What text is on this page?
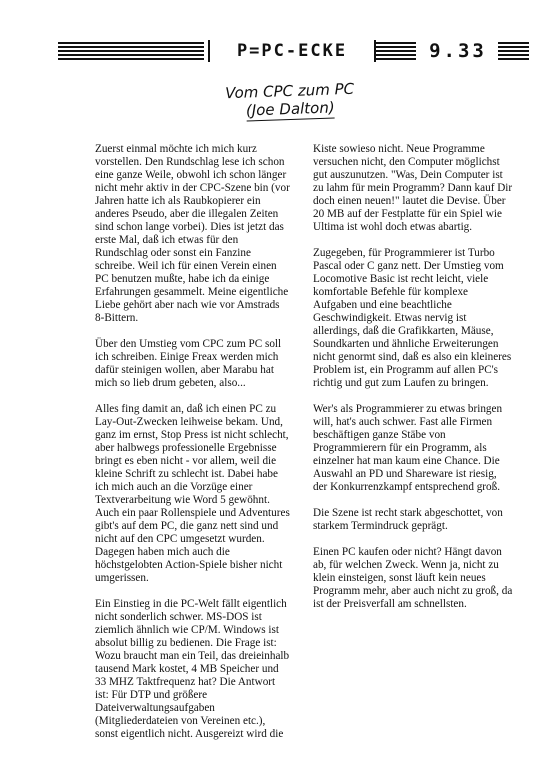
P=PC-ECKE	9.33
Vom CPC zum PC
(Joe Dalton)

Zuerst einmal möchte ich mich kurz vorstellen. Den Rundschlag lese ich schon eine ganze Weile, obwohl ich schon länger nicht mehr aktiv in der CPC-Szene bin (vor Jahren hatte ich als Raubkopierer ein anderes Pseudo, aber die illegalen Zeiten sind schon lange vorbei). Dies ist jetzt das erste Mal, daß ich etwas für den Rundschlag oder sonst ein Fanzine schreibe. Weil ich für einen Verein einen PC benutzen mußte, habe ich da einige Erfahrungen gesammelt. Meine eigentliche Liebe gehört aber nach wie vor Amstrads 8-Bittern.

Über den Umstieg vom CPC zum PC soll ich schreiben. Einige Freax werden mich dafür steinigen wollen, aber Marabu hat mich so lieb drum gebeten, also...

Alles fing damit an, daß ich einen PC zu Lay-Out-Zwecken leihweise bekam. Und, ganz im ernst, Stop Press ist nicht schlecht, aber halbwegs professionelle Ergebnisse bringt es eben nicht - vor allem, weil die kleine Schrift zu schlecht ist. Dabei habe ich mich auch an die Vorzüge einer Textverarbeitung wie Word 5 gewöhnt. Auch ein paar Rollenspiele und Adventures gibt's auf dem PC, die ganz nett sind und nicht auf den CPC umgesetzt wurden. Dagegen haben mich auch die höchstgelobten Action-Spiele bisher nicht umgerissen.

Ein Einstieg in die PC-Welt fällt eigentlich nicht sonderlich schwer. MS-DOS ist ziemlich ähnlich wie CP/M. Windows ist absolut billig zu bedienen. Die Frage ist: Wozu braucht man ein Teil, das dreieinhalb tausend Mark kostet, 4 MB Speicher und 33 MHZ Taktfrequenz hat? Die Antwort ist: Für DTP und größere Dateiverwaltungsaufgaben (Mitgliederdateien von Vereinen etc.), sonst eigentlich nicht. Ausgereizt wird die

Kiste sowieso nicht. Neue Programme versuchen nicht, den Computer möglichst gut auszunutzen. "Was, Dein Computer ist zu lahm für mein Programm? Dann kauf Dir doch einen neuen!" lautet die Devise. Über 20 MB auf der Festplatte für ein Spiel wie Ultima ist wohl doch etwas abartig.

Zugegeben, für Programmierer ist Turbo Pascal oder C ganz nett. Der Umstieg vom Locomotive Basic ist recht leicht, viele komfortable Befehle für komplexe Aufgaben und eine beachtliche Geschwindigkeit. Etwas nervig ist allerdings, daß die Grafikkarten, Mäuse, Soundkarten und ähnliche Erweiterungen nicht genormt sind, daß es also ein kleineres Problem ist, ein Programm auf allen PC's richtig und gut zum Laufen zu bringen.

Wer's als Programmierer zu etwas bringen will, hat's auch schwer. Fast alle Firmen beschäftigen ganze Stäbe von Programmierern für ein Programm, als einzelner hat man kaum eine Chance. Die Auswahl an PD und Shareware ist riesig, der Konkurrenzkampf entsprechend groß.

Die Szene ist recht stark abgeschottet, von starkem Termindruck geprägt.

Einen PC kaufen oder nicht? Hängt davon ab, für welchen Zweck. Wenn ja, nicht zu klein einsteigen, sonst läuft kein neues Programm mehr, aber auch nicht zu groß, da ist der Preisverfall am schnellsten.
